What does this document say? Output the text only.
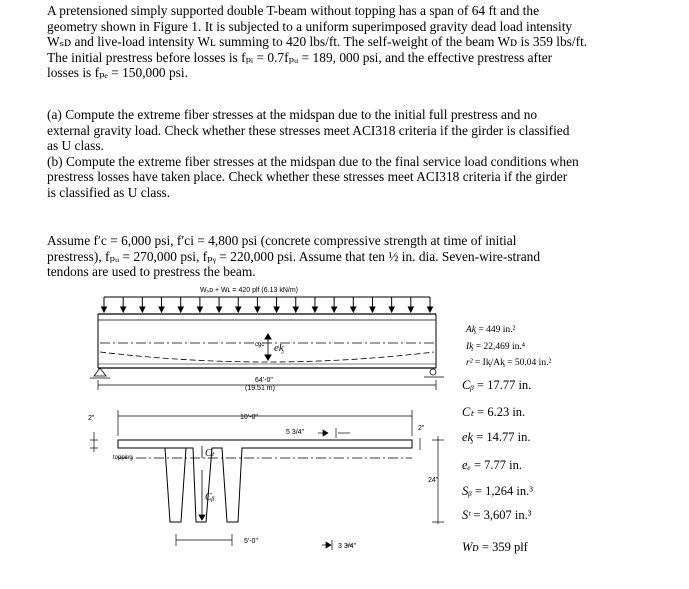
A pretensioned simply supported double T-beam without topping has a span of 64 ft and the
geometry shown in Figure 1. It is subjected to a uniform superimposed gravity dead load intensity
Wₛᴅ and live-load intensity Wʟ summing to 420 lbs/ft. The self-weight of the beam Wᴅ is 359 lbs/ft.
The initial prestress before losses is fₚᵢ = 0.7fₚᵤ = 189, 000 psi, and the effective prestress after
losses is fₚₑ = 150,000 psi.
(a) Compute the extreme fiber stresses at the midspan due to the initial full prestress and no
external gravity load. Check whether these stresses meet ACI318 criteria if the girder is classified
as U class.
(b) Compute the extreme fiber stresses at the midspan due to the final service load conditions when
prestress losses have taken place. Check whether these stresses meet ACI318 criteria if the girder
is classified as U class.
Assume f′c = 6,000 psi, f′ci = 4,800 psi (concrete compressive strength at time of initial
prestress), fₚᵤ = 270,000 psi, fₚᵧ = 220,000 psi. Assume that ten ½ in. dia. Seven-wire-strand
tendons are used to prestress the beam.
Wₛᴅ + Wʟ = 420 plf (6.13 kN/m)
cgc eᶄ
64'-0"
(19.51 m)
topping
2"	10'-0"
5 3/4"
2"
Cₜ
Cᵦ
24"
5'-0"
3 3/4"
Aᶄ = 449 in.²
Iᶄ = 22,469 in.⁴
r² = Iᶄ/Aᶄ = 50.04 in.²
Cᵦ = 17.77 in.
Cₜ = 6.23 in.
eᶄ = 14.77 in.
eₑ = 7.77 in.
Sᵦ = 1,264 in.³
Sᵗ = 3,607 in.³
Wᴅ = 359 plf
